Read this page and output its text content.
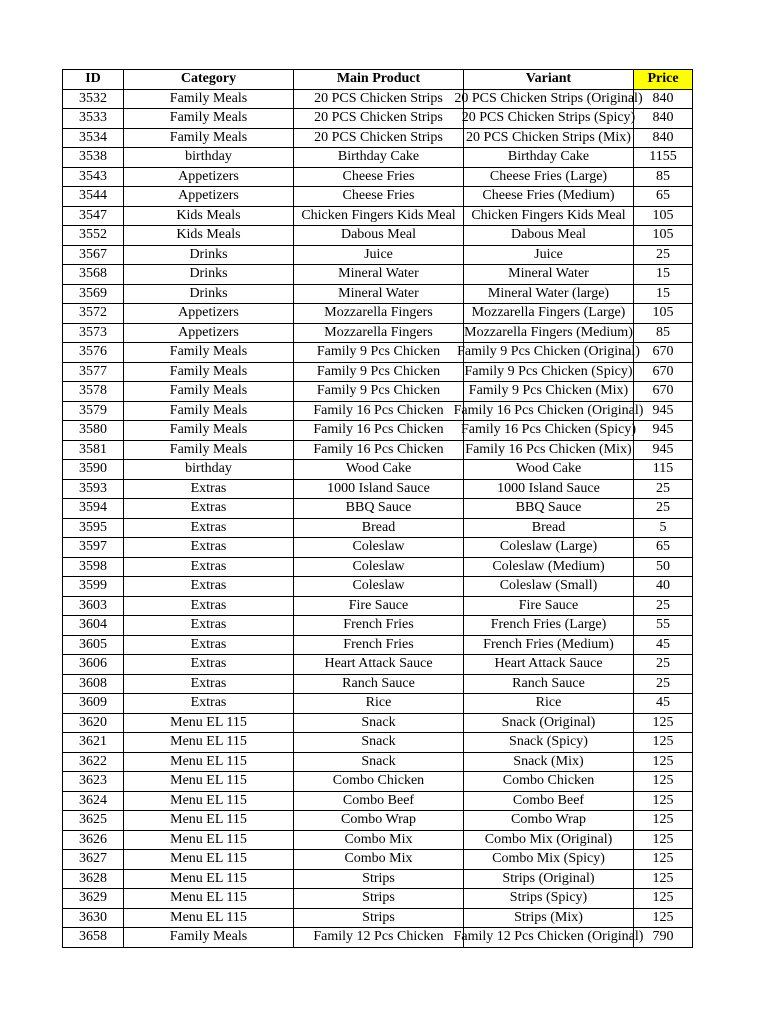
ID	Category	Main Product	Variant	Price
3532	Family Meals	20 PCS Chicken Strips	20 PCS Chicken Strips (Original)	840
3533	Family Meals	20 PCS Chicken Strips	20 PCS Chicken Strips (Spicy)	840
3534	Family Meals	20 PCS Chicken Strips	20 PCS Chicken Strips (Mix)	840
3538	birthday	Birthday Cake	Birthday Cake	1155
3543	Appetizers	Cheese Fries	Cheese Fries (Large)	85
3544	Appetizers	Cheese Fries	Cheese Fries (Medium)	65
3547	Kids Meals	Chicken Fingers Kids Meal	Chicken Fingers Kids Meal	105
3552	Kids Meals	Dabous Meal	Dabous Meal	105
3567	Drinks	Juice	Juice	25
3568	Drinks	Mineral Water	Mineral Water	15
3569	Drinks	Mineral Water	Mineral Water (large)	15
3572	Appetizers	Mozzarella Fingers	Mozzarella Fingers (Large)	105
3573	Appetizers	Mozzarella Fingers	Mozzarella Fingers (Medium)	85
3576	Family Meals	Family 9 Pcs Chicken	Family 9 Pcs Chicken (Original)	670
3577	Family Meals	Family 9 Pcs Chicken	Family 9 Pcs Chicken (Spicy)	670
3578	Family Meals	Family 9 Pcs Chicken	Family 9 Pcs Chicken (Mix)	670
3579	Family Meals	Family 16 Pcs Chicken	Family 16 Pcs Chicken (Original)	945
3580	Family Meals	Family 16 Pcs Chicken	Family 16 Pcs Chicken (Spicy)	945
3581	Family Meals	Family 16 Pcs Chicken	Family 16 Pcs Chicken (Mix)	945
3590	birthday	Wood Cake	Wood Cake	115
3593	Extras	1000 Island Sauce	1000 Island Sauce	25
3594	Extras	BBQ Sauce	BBQ Sauce	25
3595	Extras	Bread	Bread	5
3597	Extras	Coleslaw	Coleslaw (Large)	65
3598	Extras	Coleslaw	Coleslaw (Medium)	50
3599	Extras	Coleslaw	Coleslaw (Small)	40
3603	Extras	Fire Sauce	Fire Sauce	25
3604	Extras	French Fries	French Fries (Large)	55
3605	Extras	French Fries	French Fries (Medium)	45
3606	Extras	Heart Attack Sauce	Heart Attack Sauce	25
3608	Extras	Ranch Sauce	Ranch Sauce	25
3609	Extras	Rice	Rice	45
3620	Menu EL 115	Snack	Snack (Original)	125
3621	Menu EL 115	Snack	Snack (Spicy)	125
3622	Menu EL 115	Snack	Snack (Mix)	125
3623	Menu EL 115	Combo Chicken	Combo Chicken	125
3624	Menu EL 115	Combo Beef	Combo Beef	125
3625	Menu EL 115	Combo Wrap	Combo Wrap	125
3626	Menu EL 115	Combo Mix	Combo Mix (Original)	125
3627	Menu EL 115	Combo Mix	Combo Mix (Spicy)	125
3628	Menu EL 115	Strips	Strips (Original)	125
3629	Menu EL 115	Strips	Strips (Spicy)	125
3630	Menu EL 115	Strips	Strips (Mix)	125
3658	Family Meals	Family 12 Pcs Chicken	Family 12 Pcs Chicken (Original)	790
